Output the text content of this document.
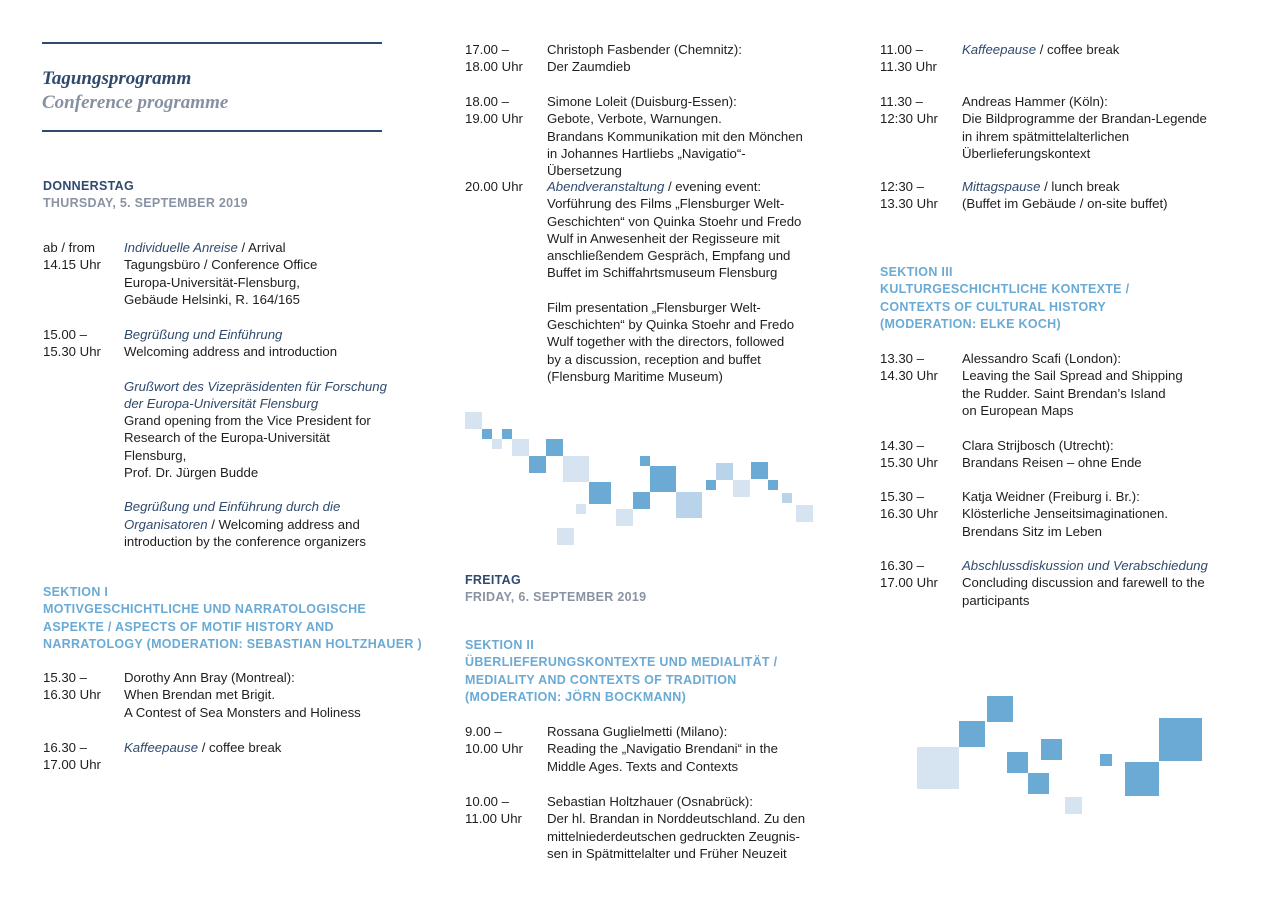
Tagungsprogramm
Conference programme
DONNERSTAG
THURSDAY, 5. SEPTEMBER 2019
ab / from
14.15 Uhr
Individuelle Anreise / Arrival
Tagungsbüro / Conference Office
Europa-Universität-Flensburg,
Gebäude Helsinki, R. 164/165
15.00 –
15.30 Uhr
Begrüßung und Einführung
Welcoming address and introduction
Grußwort des Vizepräsidenten für Forschung
der Europa-Universität Flensburg
Grand opening from the Vice President for
Research of the Europa-Universität Flensburg,
Prof. Dr. Jürgen Budde
Begrüßung und Einführung durch die
Organisatoren / Welcoming address and
introduction by the conference organizers
SEKTION I
MOTIVGESCHICHTLICHE UND NARRATOLOGISCHE
ASPEKTE / ASPECTS OF MOTIF HISTORY AND
NARRATOLOGY (MODERATION: SEBASTIAN HOLTZHAUER )
15.30 –
16.30 Uhr
Dorothy Ann Bray (Montreal):
When Brendan met Brigit.
A Contest of Sea Monsters and Holiness
16.30 –
17.00 Uhr
Kaffeepause / coffee break
17.00 –
18.00 Uhr
Christoph Fasbender (Chemnitz):
Der Zaumdieb
18.00 –
19.00 Uhr
Simone Loleit (Duisburg-Essen):
Gebote, Verbote, Warnungen.
Brandans Kommunikation mit den Mönchen
in Johannes Hartliebs „Navigatio“-Übersetzung
20.00 Uhr	Abendveranstaltung / evening event:
Vorführung des Films „Flensburger Welt-
Geschichten“ von Quinka Stoehr und Fredo
Wulf in Anwesenheit der Regisseure mit
anschließendem Gespräch, Empfang und
Buffet im Schiffahrtsmuseum Flensburg
Film presentation „Flensburger Welt-
Geschichten“ by Quinka Stoehr and Fredo
Wulf together with the directors, followed
by a discussion, reception and buffet
(Flensburg Maritime Museum)
FREITAG
FRIDAY, 6. SEPTEMBER 2019
SEKTION II
ÜBERLIEFERUNGSKONTEXTE UND MEDIALITÄT /
MEDIALITY AND CONTEXTS OF TRADITION
(MODERATION: JÖRN BOCKMANN)
9.00 –
10.00 Uhr
Rossana Guglielmetti (Milano):
Reading the „Navigatio Brendani“ in the
Middle Ages. Texts and Contexts
10.00 –
11.00 Uhr
Sebastian Holtzhauer (Osnabrück):
Der hl. Brandan in Norddeutschland. Zu den
mittelniederdeutschen gedruckten Zeugnis-
sen in Spätmittelalter und Früher Neuzeit
11.00 –
11.30 Uhr
Kaffeepause / coffee break
11.30 –
12:30 Uhr
Andreas Hammer (Köln):
Die Bildprogramme der Brandan-Legende
in ihrem spätmittelalterlichen
Überlieferungskontext
12:30 –
13.30 Uhr
Mittagspause / lunch break
(Buffet im Gebäude / on-site buffet)
SEKTION III
KULTURGESCHICHTLICHE KONTEXTE /
CONTEXTS OF CULTURAL HISTORY
(MODERATION: ELKE KOCH)
13.30 –
14.30 Uhr
Alessandro Scafi (London):
Leaving the Sail Spread and Shipping
the Rudder. Saint Brendan’s Island
on European Maps
14.30 –
15.30 Uhr
Clara Strijbosch (Utrecht):
Brandans Reisen – ohne Ende
15.30 –
16.30 Uhr
Katja Weidner (Freiburg i. Br.):
Klösterliche Jenseitsimaginationen.
Brendans Sitz im Leben
16.30 –
17.00 Uhr
Abschlussdiskussion und Verabschiedung
Concluding discussion and farewell to the
participants
